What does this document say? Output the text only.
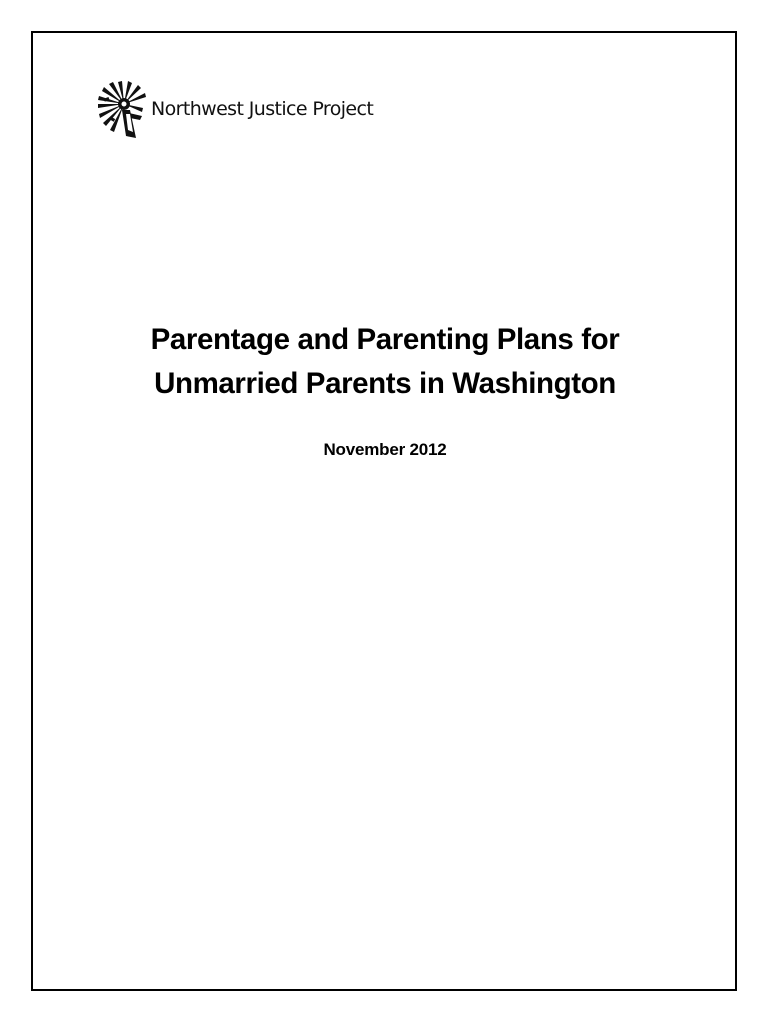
Northwest Justice Project
Parentage and Parenting Plans for
Unmarried Parents in Washington

November 2012
